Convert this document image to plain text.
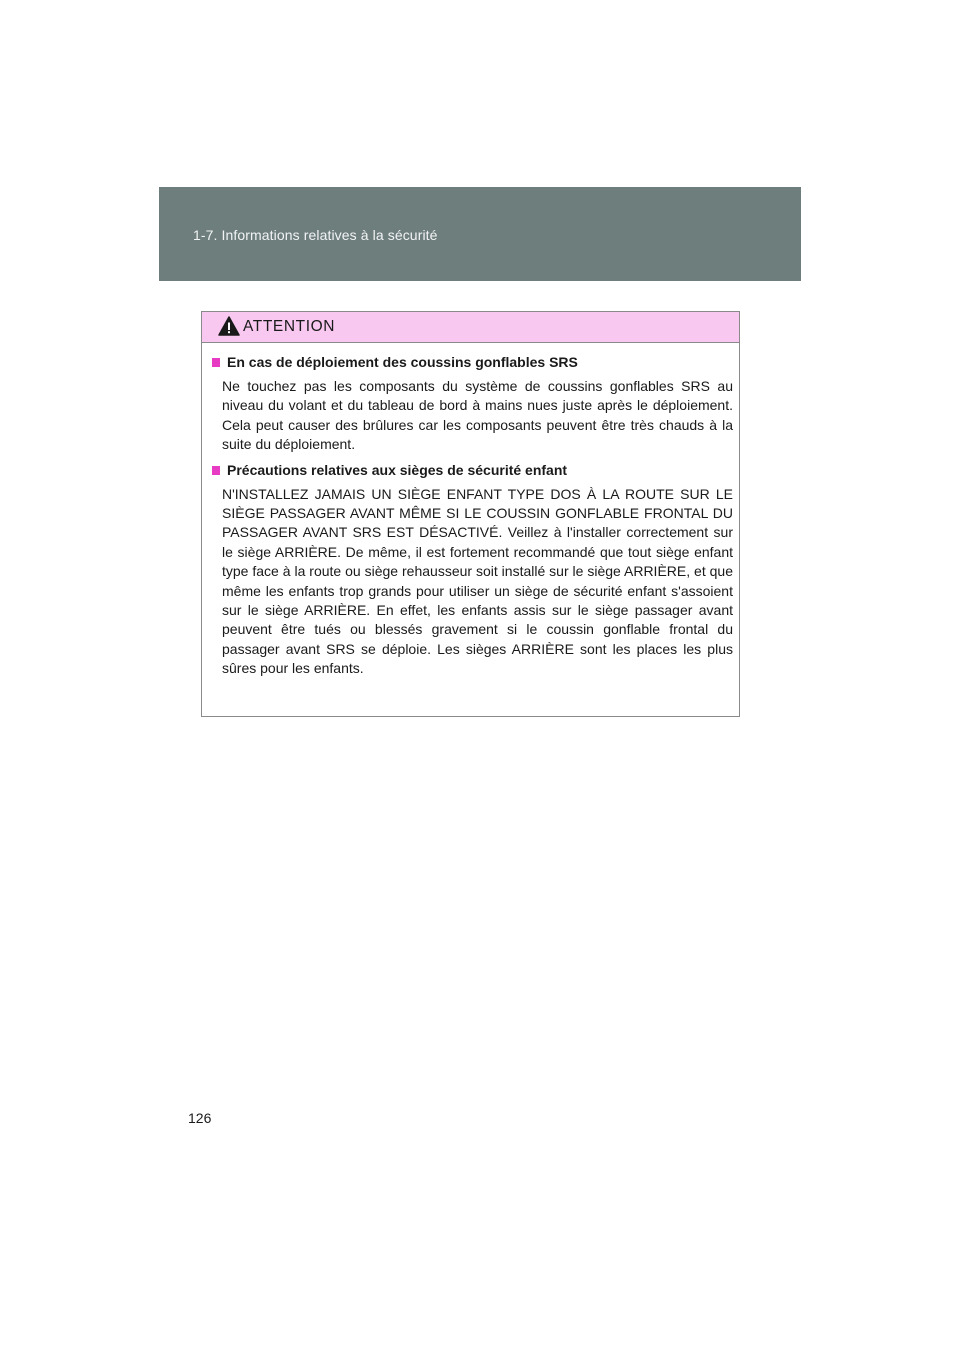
1-7. Informations relatives à la sécurité
ATTENTION
En cas de déploiement des coussins gonflables SRS
Ne touchez pas les composants du système de coussins gonflables SRS au niveau du volant et du tableau de bord à mains nues juste après le déploiement. Cela peut causer des brûlures car les composants peuvent être très chauds à la suite du déploiement.
Précautions relatives aux sièges de sécurité enfant
N'INSTALLEZ JAMAIS UN SIÈGE ENFANT TYPE DOS À LA ROUTE SUR LE SIÈGE PASSAGER AVANT MÊME SI LE COUSSIN GONFLABLE FRONTAL DU PASSAGER AVANT SRS EST DÉSACTIVÉ. Veillez à l'installer correctement sur le siège ARRIÈRE. De même, il est fortement recommandé que tout siège enfant type face à la route ou siège rehausseur soit installé sur le siège ARRIÈRE, et que même les enfants trop grands pour utiliser un siège de sécurité enfant s'assoient sur le siège ARRIÈRE. En effet, les enfants assis sur le siège passager avant peuvent être tués ou blessés gravement si le coussin gonflable frontal du passager avant SRS se déploie. Les sièges ARRIÈRE sont les places les plus sûres pour les enfants.
126
